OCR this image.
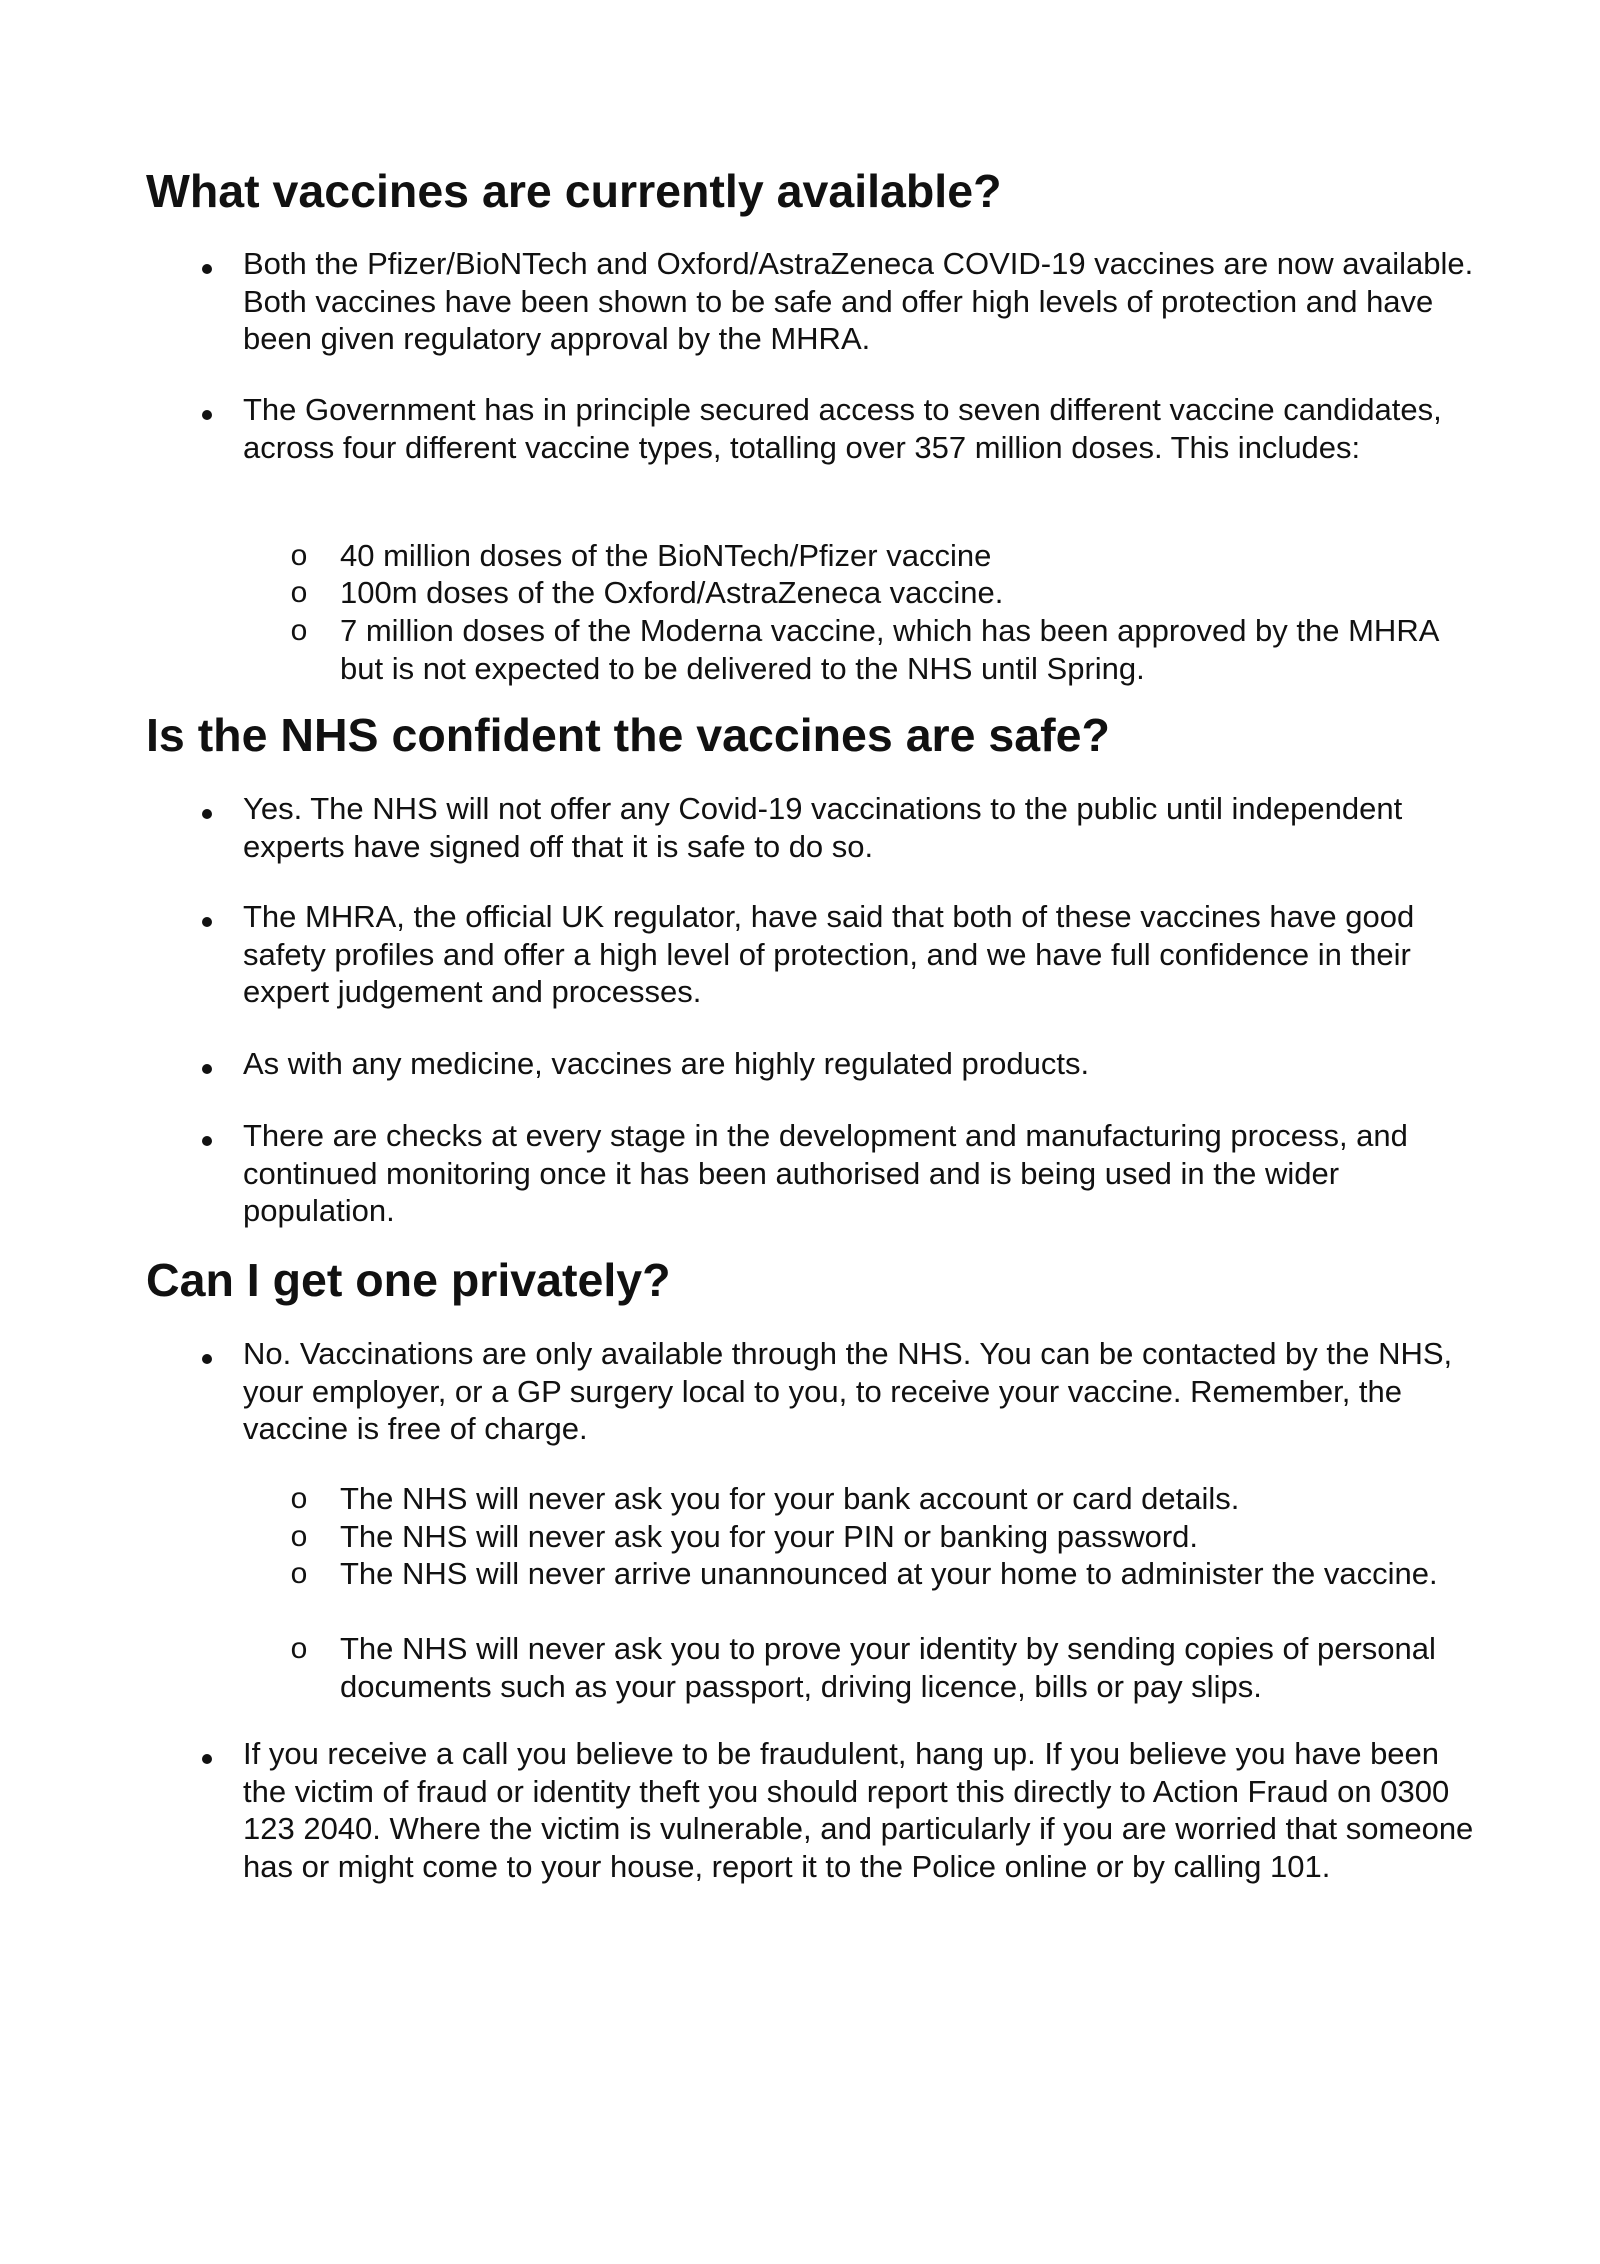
What vaccines are currently available?
Both the Pfizer/BioNTech and Oxford/AstraZeneca COVID-19 vaccines are now available. Both vaccines have been shown to be safe and offer high levels of protection and have been given regulatory approval by the MHRA.
The Government has in principle secured access to seven different vaccine candidates, across four different vaccine types, totalling over 357 million doses. This includes:
o 40 million doses of the BioNTech/Pfizer vaccine
o 100m doses of the Oxford/AstraZeneca vaccine.
o 7 million doses of the Moderna vaccine, which has been approved by the MHRA but is not expected to be delivered to the NHS until Spring.
Is the NHS confident the vaccines are safe?
Yes. The NHS will not offer any Covid-19 vaccinations to the public until independent experts have signed off that it is safe to do so.
The MHRA, the official UK regulator, have said that both of these vaccines have good safety profiles and offer a high level of protection, and we have full confidence in their expert judgement and processes.
As with any medicine, vaccines are highly regulated products.
There are checks at every stage in the development and manufacturing process, and continued monitoring once it has been authorised and is being used in the wider population.
Can I get one privately?
No. Vaccinations are only available through the NHS. You can be contacted by the NHS, your employer, or a GP surgery local to you, to receive your vaccine. Remember, the vaccine is free of charge.
o The NHS will never ask you for your bank account or card details.
o The NHS will never ask you for your PIN or banking password.
o The NHS will never arrive unannounced at your home to administer the vaccine.
o The NHS will never ask you to prove your identity by sending copies of personal documents such as your passport, driving licence, bills or pay slips.
If you receive a call you believe to be fraudulent, hang up. If you believe you have been the victim of fraud or identity theft you should report this directly to Action Fraud on 0300 123 2040. Where the victim is vulnerable, and particularly if you are worried that someone has or might come to your house, report it to the Police online or by calling 101.
